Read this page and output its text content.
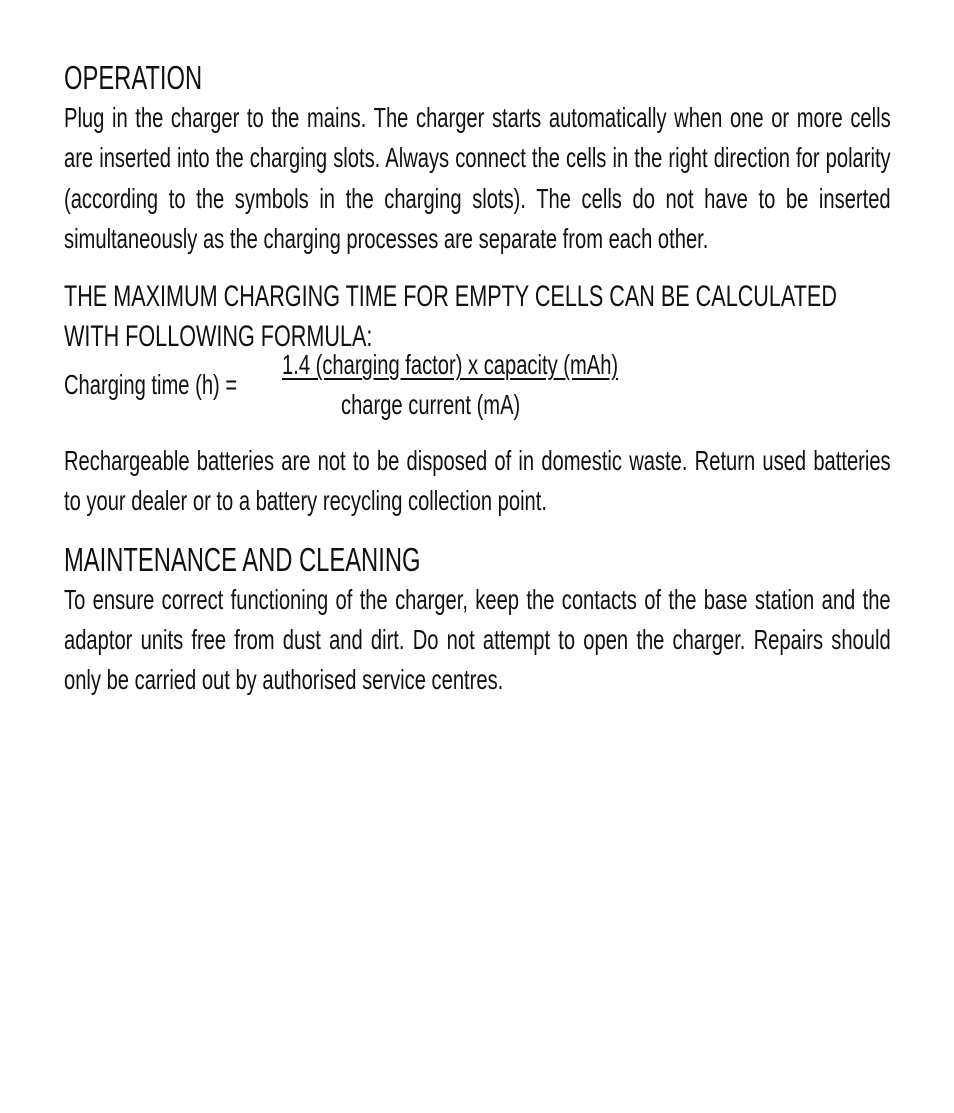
OPERATION

Plug in the charger to the mains. The charger starts automatically when one or more cells are inserted into the charging slots. Always connect the cells in the right direction for polarity (according to the symbols in the charging slots). The cells do not have to be inserted simultaneously as the charging processes are separate from each other.

THE MAXIMUM CHARGING TIME FOR EMPTY CELLS CAN BE CALCULATED WITH FOLLOWING FORMULA:
Charging time (h) =
1.4 (charging factor) x capacity (mAh)
charge current (mA)

Rechargeable batteries are not to be disposed of in domestic waste. Return used batteries to your dealer or to a battery recycling collection point.

MAINTENANCE AND CLEANING

To ensure correct functioning of the charger, keep the contacts of the base station and the adaptor units free from dust and dirt. Do not attempt to open the charger. Repairs should only be carried out by authorised service centres.
